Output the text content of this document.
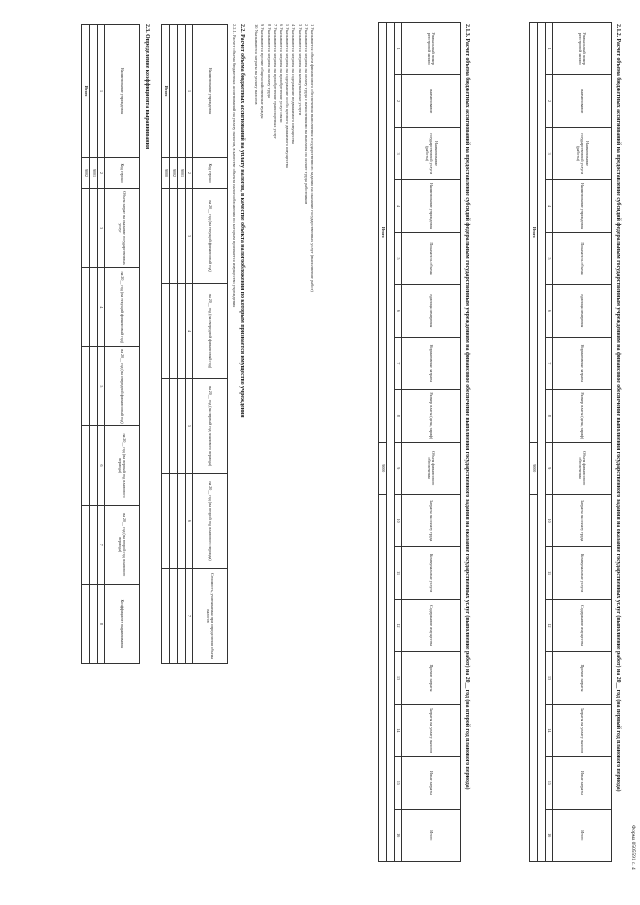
Форма 0505591 с. 4
2.1.2. Расчет объема бюджетных ассигнований на предоставление субсидий федеральным государственным учреждениям на финансовое обеспечение выполнения государственного задания на оказание государственных услуг (выполнение работ) на 20__ год (на первый год планового периода)
Уникальный номер реестровой записи	наименование	Наименование государственной услуги (работы)	Наименование учреждения	Показатель объема	единица измерения	Нормативные затраты	Размер платы (цена, тариф)	Объем финансового обеспечения	Затраты на оплату труда	Коммунальные услуги	Содержание имущества	Прочие затраты	Затраты на уплату налогов	Иные затраты	Итого
1	2	3	4	5	6	7	8	9	10	11	12	13	14	15	16

Итого								9000							
2.1.3. Расчет объема бюджетных ассигнований на предоставление субсидий федеральным государственным учреждениям на финансовое обеспечение выполнения государственного задания на оказание государственных услуг (выполнение работ) на 20__ год (на второй год планового периода)
Уникальный номер реестровой записи	наименование	Наименование государственной услуги (работы)	Наименование учреждения	Показатель объема	единица измерения	Нормативные затраты	Размер платы (цена, тариф)	Объем финансового обеспечения	Затраты на оплату труда	Коммунальные услуги	Содержание имущества	Прочие затраты	Затраты на уплату налогов	Иные затраты	Итого
1	2	3	4	5	6	7	8	9	10	11	12	13	14	15	16

Итого								9000							
1 Указывается объем финансового обеспечения выполнения государственного задания на оказание государственных услуг (выполнение работ)
2 Указываются затраты на оплату труда с начислениями на выплаты по оплате труда работников
3 Указываются затраты на коммунальные услуги
4 Указываются затраты на содержание недвижимого имущества
5 Указываются затраты на содержание особо ценного движимого имущества
6 Указываются затраты на приобретение услуг связи
7 Указываются затраты на приобретение транспортных услуг
8 Указываются затраты на оплату труда
9 Указываются прочие общехозяйственные нужды
10 Указываются затраты на уплату налогов
2.2. Расчет объема бюджетных ассигнований на уплату налогов, в качестве объекта налогообложения по которым признается имущество учреждения
2.2.1. Расчет объема бюджетных ассигнований на уплату налогов, в качестве объекта налогообложения по которым признается имущество учреждения
Наименование учреждения	Код строки	на 20__ год (на текущий финансовый год)	на 20__ год (на очередной финансовый год)	на 20__ год (на первый год планового периода)	на 20__ год (на второй год планового периода)	Стоимость, учитываемая при определении объема налогов
1	2	3	4	5	6	7
	9001					
	9002					
Итого	9000					
2.3. Определение коэффициента выравнивания
Наименование учреждения	Код строки	Объем затрат на оказание государственных услуг	на 20__ год (на текущий финансовый год)	на 20__ год (на очередной финансовый год)	на 20__ год (на первый год планового периода)	на 20__ год (на второй год планового периода)	Коэффициент выравнивания
1	2	3	4	5	6	7	8
	9001						
Итого	9002						
